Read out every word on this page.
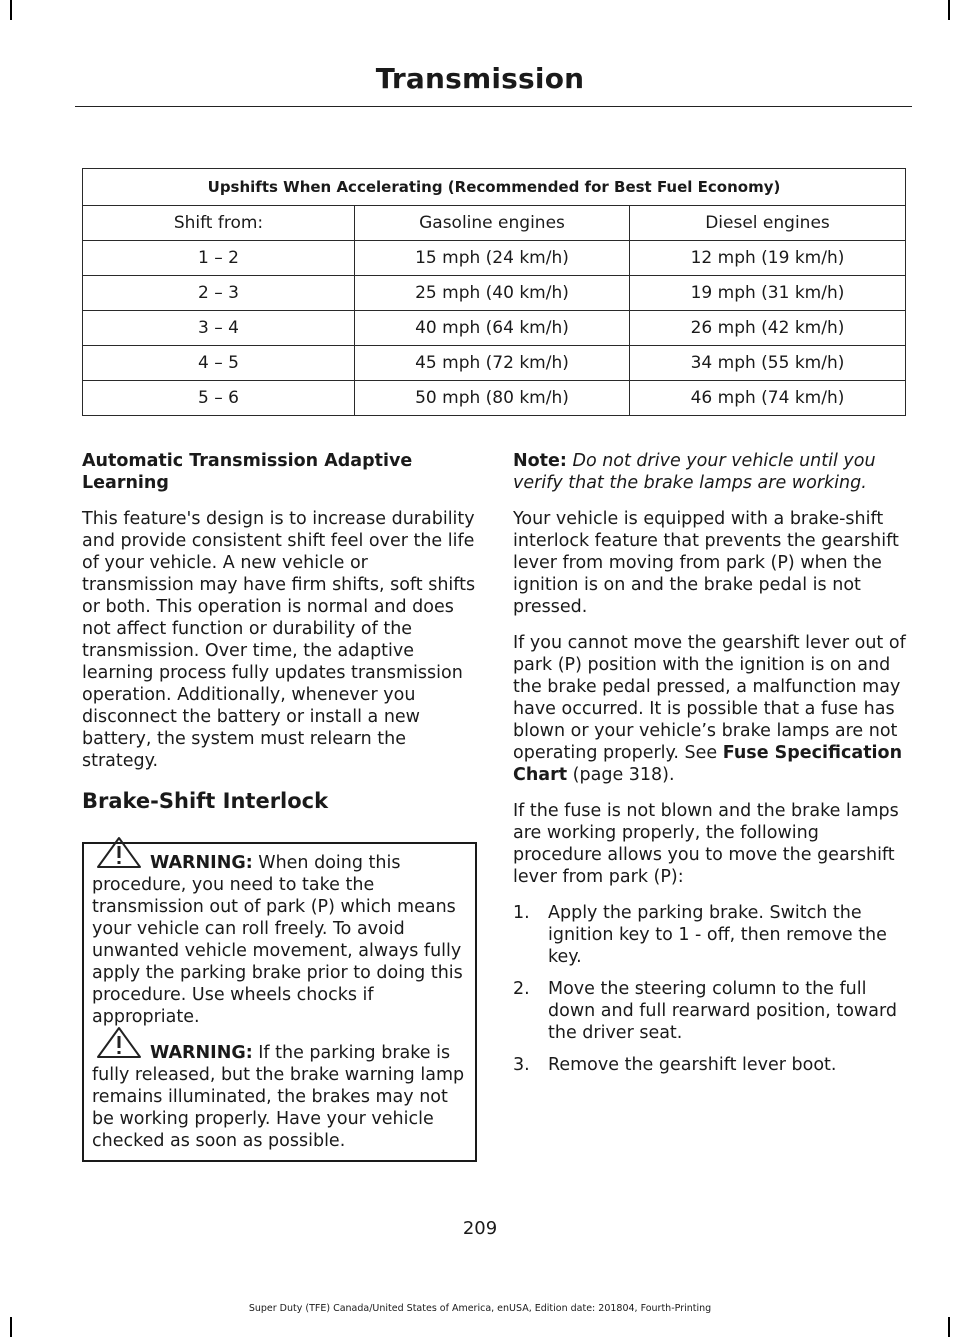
Transmission
Upshifts When Accelerating (Recommended for Best Fuel Economy)		
Shift from:	Gasoline engines	Diesel engines
1 – 2	15 mph (24 km/h)	12 mph (19 km/h)
2 – 3	25 mph (40 km/h)	19 mph (31 km/h)
3 – 4	40 mph (64 km/h)	26 mph (42 km/h)
4 – 5	45 mph (72 km/h)	34 mph (55 km/h)
5 – 6	50 mph (80 km/h)	46 mph (74 km/h)
Automatic Transmission Adaptive Learning

This feature's design is to increase durability and provide consistent shift feel over the life of your vehicle. A new vehicle or transmission may have firm shifts, soft shifts or both. This operation is normal and does not affect function or durability of the transmission. Over time, the adaptive learning process fully updates transmission operation. Additionally, whenever you disconnect the battery or install a new battery, the system must relearn the strategy.

Brake-Shift Interlock

WARNING: When doing this procedure, you need to take the transmission out of park (P) which means your vehicle can roll freely. To avoid unwanted vehicle movement, always fully apply the parking brake prior to doing this procedure. Use wheels chocks if appropriate.

WARNING: If the parking brake is fully released, but the brake warning lamp remains illuminated, the brakes may not be working properly. Have your vehicle checked as soon as possible.

Note: Do not drive your vehicle until you verify that the brake lamps are working.

Your vehicle is equipped with a brake-shift interlock feature that prevents the gearshift lever from moving from park (P) when the ignition is on and the brake pedal is not pressed.

If you cannot move the gearshift lever out of park (P) position with the ignition is on and the brake pedal pressed, a malfunction may have occurred. It is possible that a fuse has blown or your vehicle’s brake lamps are not operating properly. See Fuse Specification Chart (page 318).

If the fuse is not blown and the brake lamps are working properly, the following procedure allows you to move the gearshift lever from park (P):

1. Apply the parking brake. Switch the ignition key to 1 - off, then remove the key.
2. Move the steering column to the full down and full rearward position, toward the driver seat.
3. Remove the gearshift lever boot.
209
Super Duty (TFE) Canada/United States of America, enUSA, Edition date: 201804, Fourth-Printing
